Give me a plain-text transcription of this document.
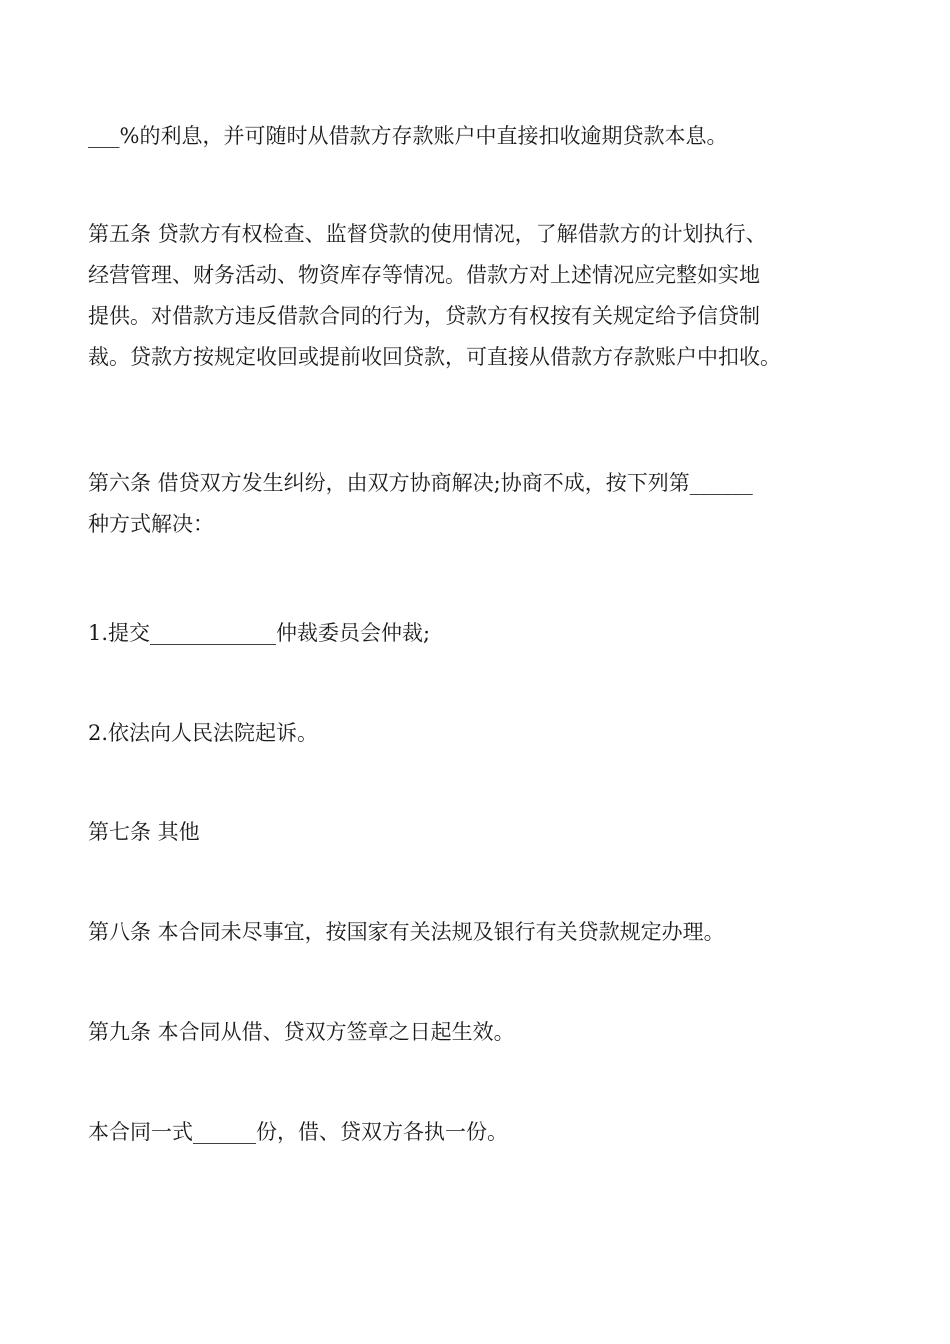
___%的利息，并可随时从借款方存款账户中直接扣收逾期贷款本息。

第五条 贷款方有权检查、监督贷款的使用情况，了解借款方的计划执行、
经营管理、财务活动、物资库存等情况。借款方对上述情况应完整如实地
提供。对借款方违反借款合同的行为，贷款方有权按有关规定给予信贷制
裁。贷款方按规定收回或提前收回贷款，可直接从借款方存款账户中扣收。

第六条 借贷双方发生纠纷，由双方协商解决;协商不成，按下列第______
种方式解决：

1.提交____________仲裁委员会仲裁;

2.依法向人民法院起诉。

第七条 其他

第八条 本合同未尽事宜，按国家有关法规及银行有关贷款规定办理。

第九条 本合同从借、贷双方签章之日起生效。

本合同一式______份，借、贷双方各执一份。
